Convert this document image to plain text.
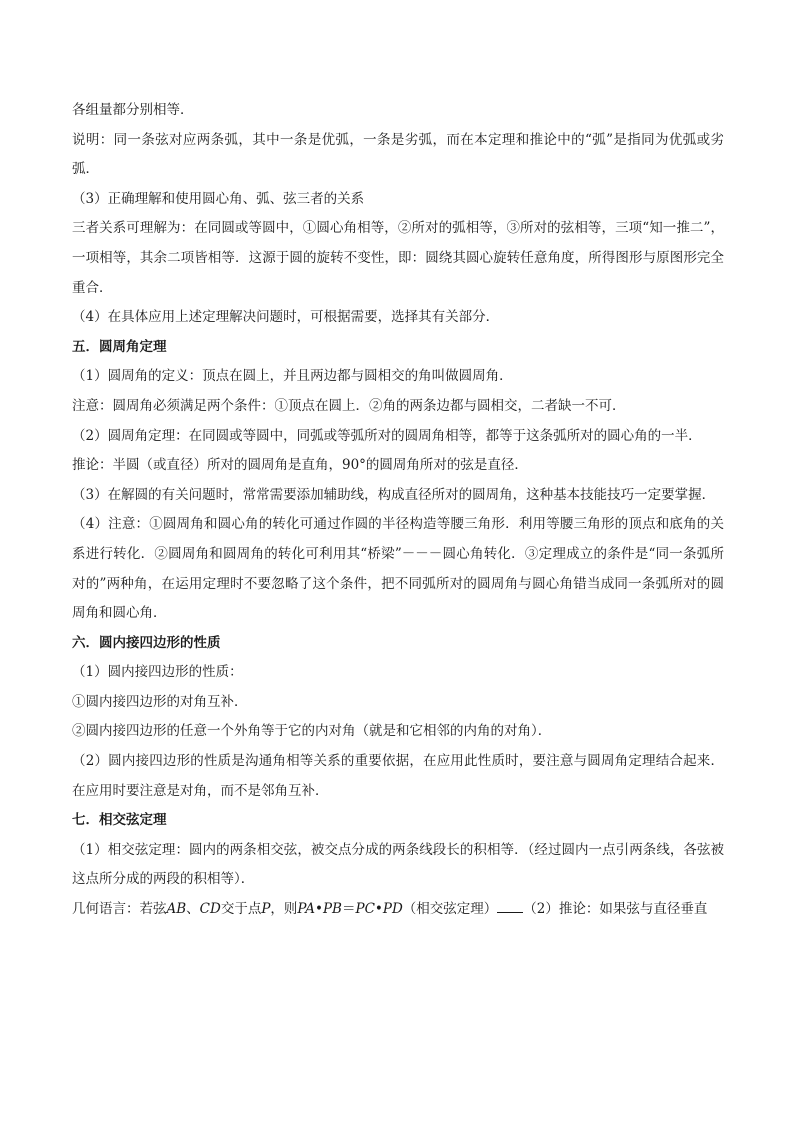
各组量都分别相等．

说明：同一条弦对应两条弧，其中一条是优弧，一条是劣弧，而在本定理和推论中的“弧”是指同为优弧或劣弧．

（3）正确理解和使用圆心角、弧、弦三者的关系

三者关系可理解为：在同圆或等圆中，①圆心角相等，②所对的弧相等，③所对的弦相等，三项“知一推二”，一项相等，其余二项皆相等．这源于圆的旋转不变性，即：圆绕其圆心旋转任意角度，所得图形与原图形完全重合．

（4）在具体应用上述定理解决问题时，可根据需要，选择其有关部分．

五．圆周角定理

（1）圆周角的定义：顶点在圆上，并且两边都与圆相交的角叫做圆周角．

注意：圆周角必须满足两个条件：①顶点在圆上．②角的两条边都与圆相交，二者缺一不可．

（2）圆周角定理：在同圆或等圆中，同弧或等弧所对的圆周角相等，都等于这条弧所对的圆心角的一半．

推论：半圆（或直径）所对的圆周角是直角，90°的圆周角所对的弦是直径．

（3）在解圆的有关问题时，常常需要添加辅助线，构成直径所对的圆周角，这种基本技能技巧一定要掌握．

（4）注意：①圆周角和圆心角的转化可通过作圆的半径构造等腰三角形．利用等腰三角形的顶点和底角的关系进行转化．②圆周角和圆周角的转化可利用其“桥梁”－－－圆心角转化．③定理成立的条件是“同一条弧所对的”两种角，在运用定理时不要忽略了这个条件，把不同弧所对的圆周角与圆心角错当成同一条弧所对的圆周角和圆心角．

六．圆内接四边形的性质

（1）圆内接四边形的性质：

①圆内接四边形的对角互补．

②圆内接四边形的任意一个外角等于它的内对角（就是和它相邻的内角的对角）．

（2）圆内接四边形的性质是沟通角相等关系的重要依据，在应用此性质时，要注意与圆周角定理结合起来．在应用时要注意是对角，而不是邻角互补．

七．相交弦定理

（1）相交弦定理：圆内的两条相交弦，被交点分成的两条线段长的积相等．（经过圆内一点引两条线，各弦被这点所分成的两段的积相等）．

几何语言：若弦AB、CD交于点P，则PA•PB＝PC•PD（相交弦定理） （2）推论：如果弦与直径垂直
